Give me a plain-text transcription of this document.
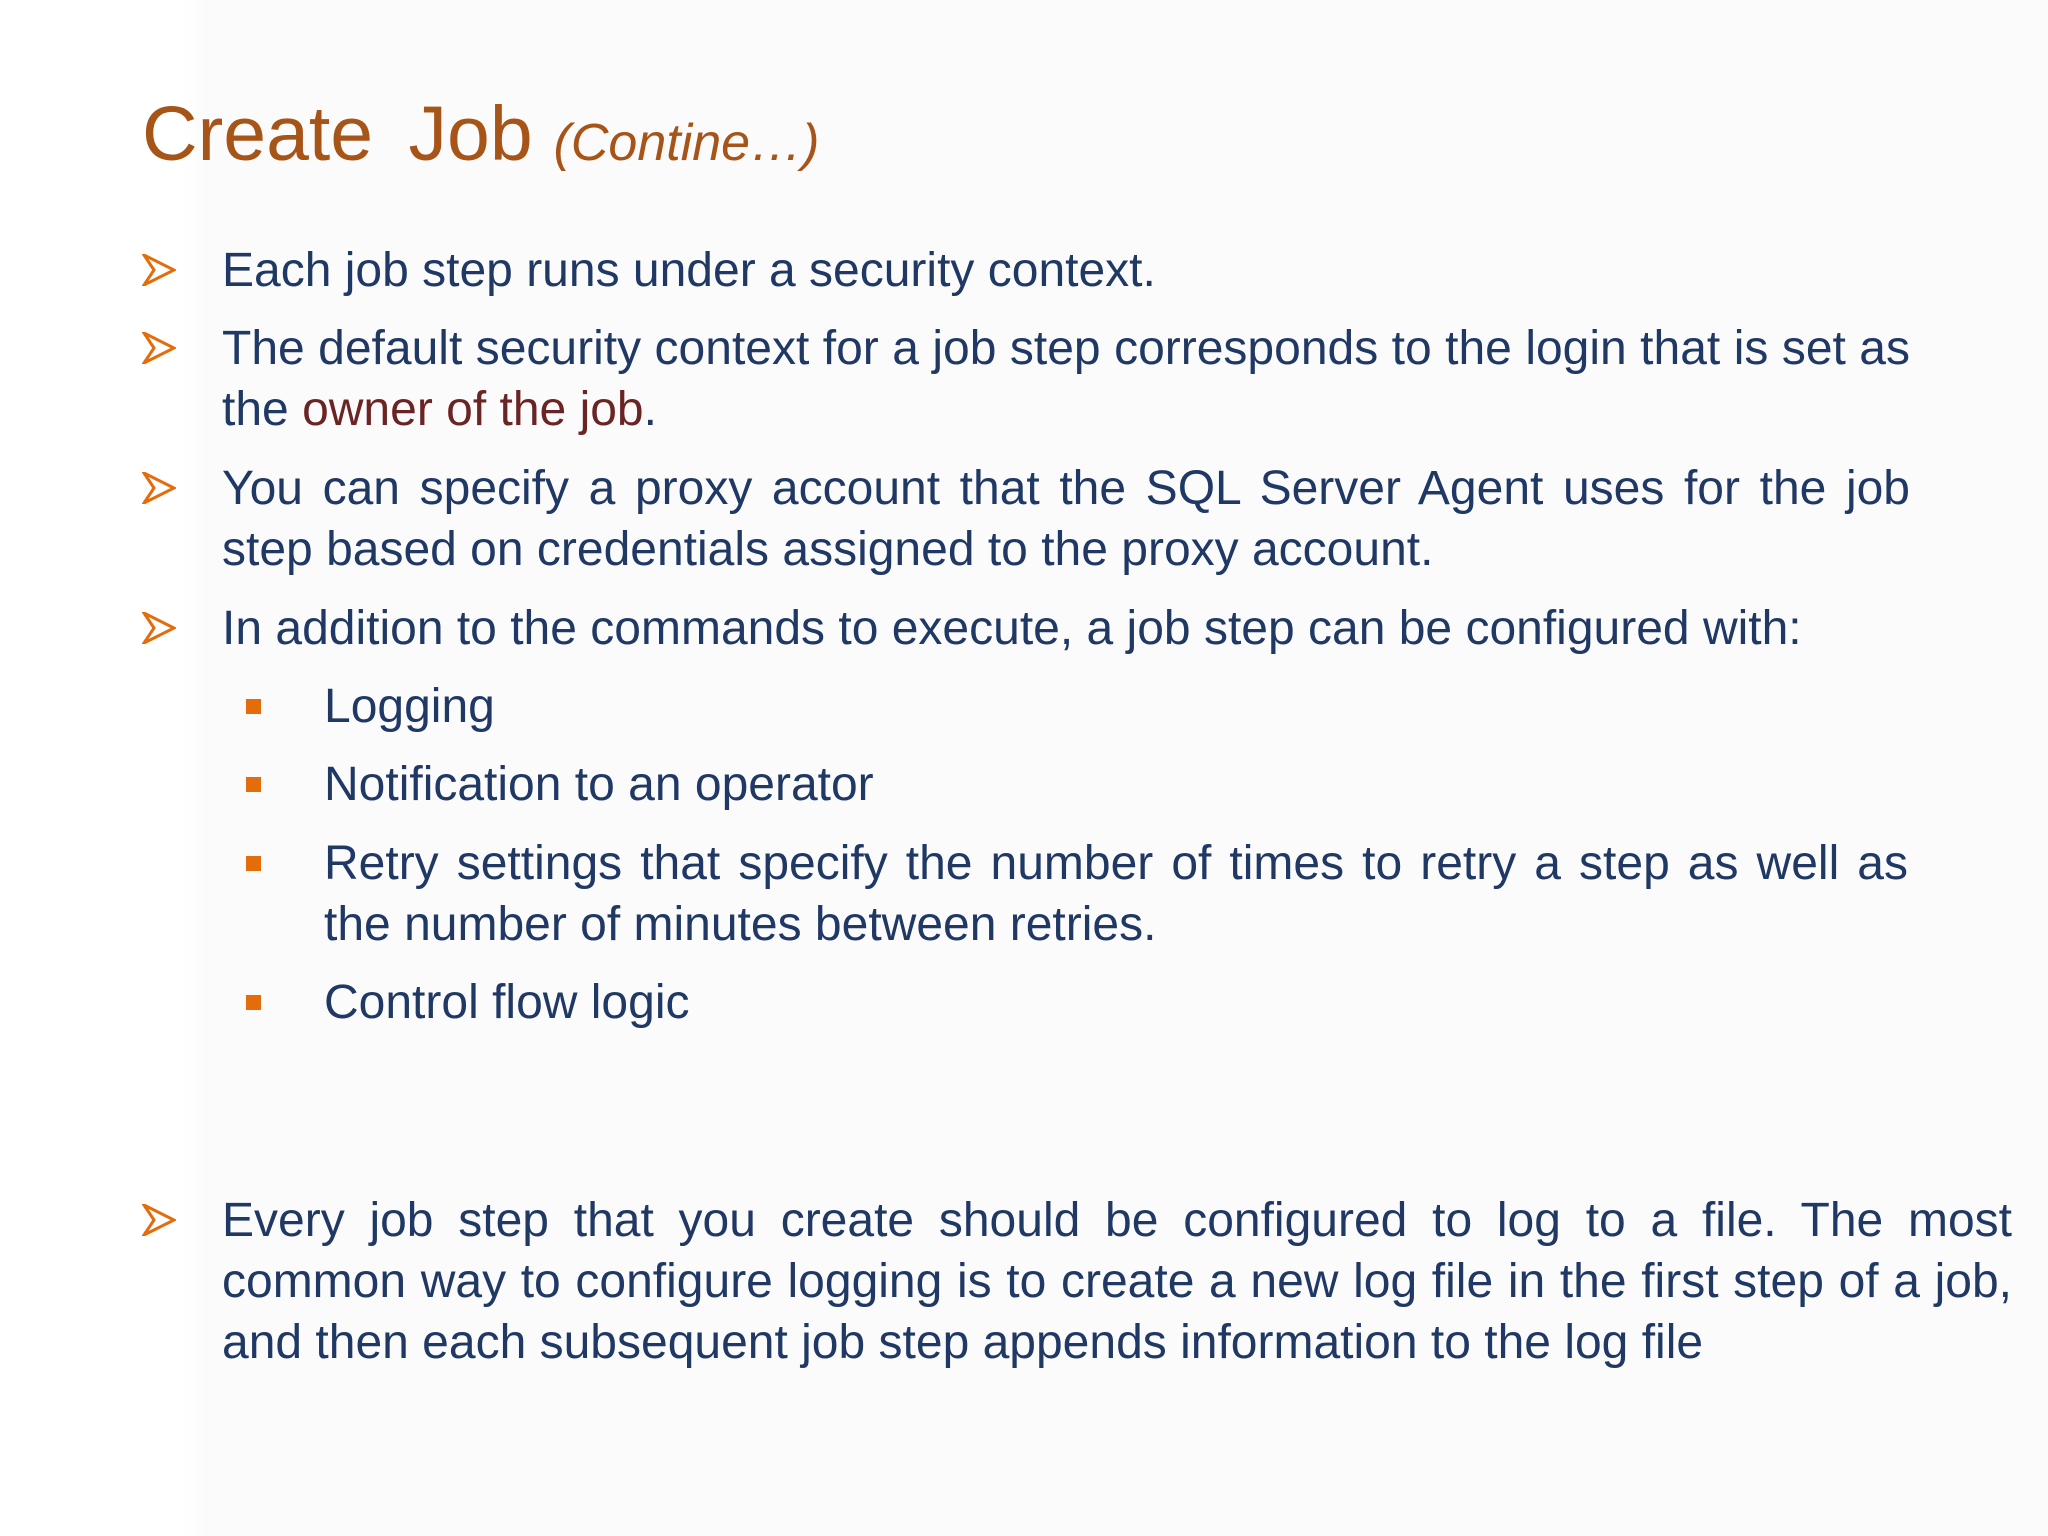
Create Job (Contine…)
Each job step runs under a security context.
The default security context for a job step corresponds to the login that is set as the owner of the job.
You can specify a proxy account that the SQL Server Agent uses for the job step based on credentials assigned to the proxy account.
In addition to the commands to execute, a job step can be configured with:
Logging
Notification to an operator
Retry settings that specify the number of times to retry a step as well as the number of minutes between retries.
Control flow logic
Every job step that you create should be configured to log to a file. The most common way to configure logging is to create a new log file in the first step of a job, and then each subsequent job step appends information to the log file
